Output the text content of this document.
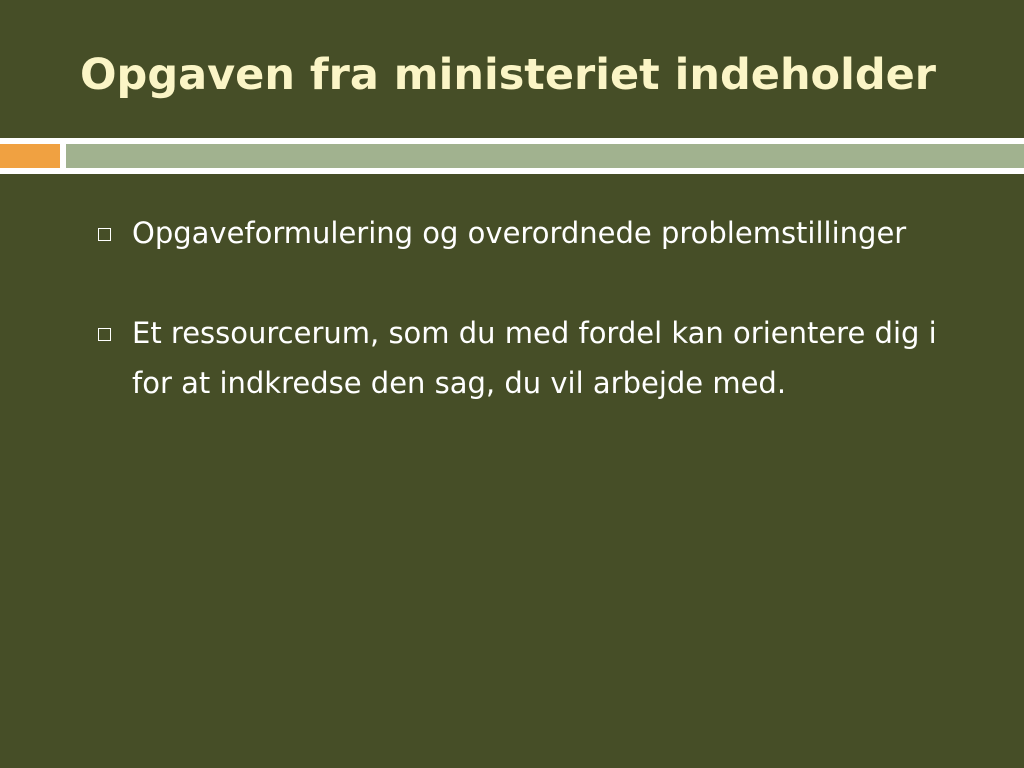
Opgaven fra ministeriet indeholder
Opgaveformulering og overordnede problemstillinger
Et ressourcerum, som du med fordel kan orientere dig i for at indkredse den sag, du vil arbejde med.
